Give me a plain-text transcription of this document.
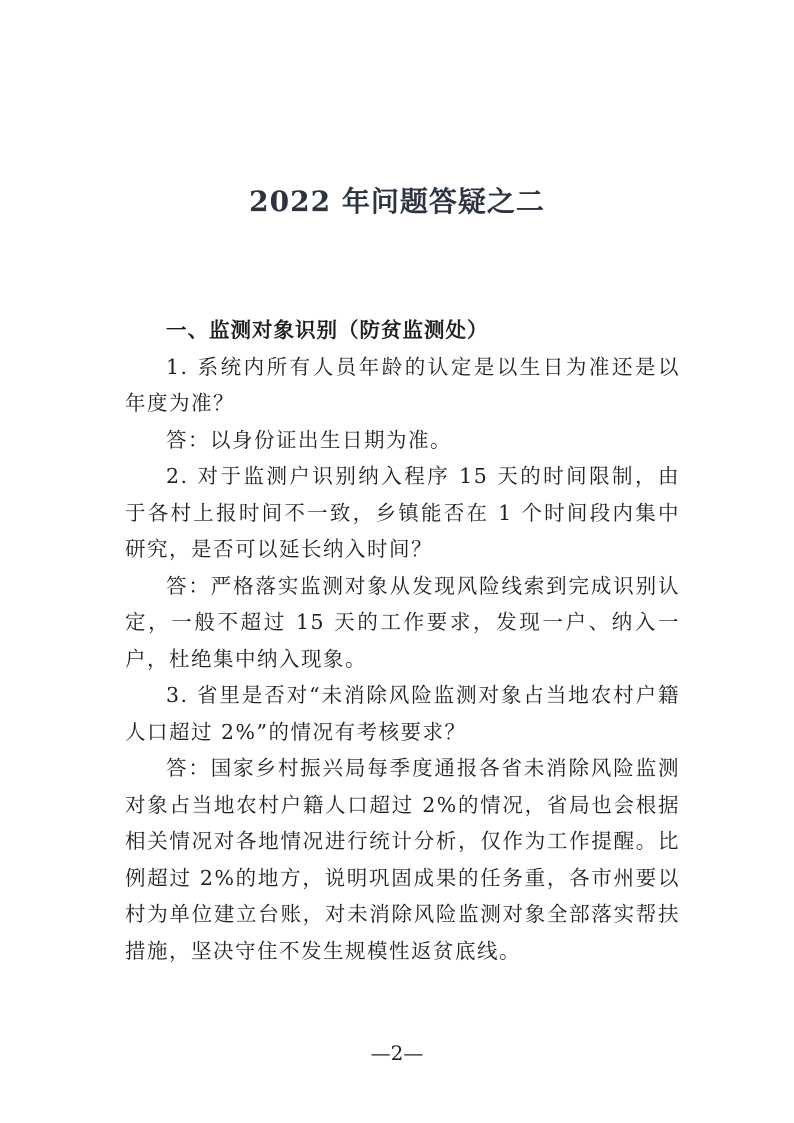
2022 年问题答疑之二

一、监测对象识别（防贫监测处）

1. 系统内所有人员年龄的认定是以生日为准还是以年度为准？

答：以身份证出生日期为准。

2. 对于监测户识别纳入程序 15 天的时间限制，由于各村上报时间不一致，乡镇能否在 1 个时间段内集中研究，是否可以延长纳入时间？

答：严格落实监测对象从发现风险线索到完成识别认定，一般不超过 15 天的工作要求，发现一户、纳入一户，杜绝集中纳入现象。

3. 省里是否对“未消除风险监测对象占当地农村户籍人口超过 2%”的情况有考核要求？

答：国家乡村振兴局每季度通报各省未消除风险监测对象占当地农村户籍人口超过 2%的情况，省局也会根据相关情况对各地情况进行统计分析，仅作为工作提醒。比例超过 2%的地方，说明巩固成果的任务重，各市州要以村为单位建立台账，对未消除风险监测对象全部落实帮扶措施，坚决守住不发生规模性返贫底线。

—2—
